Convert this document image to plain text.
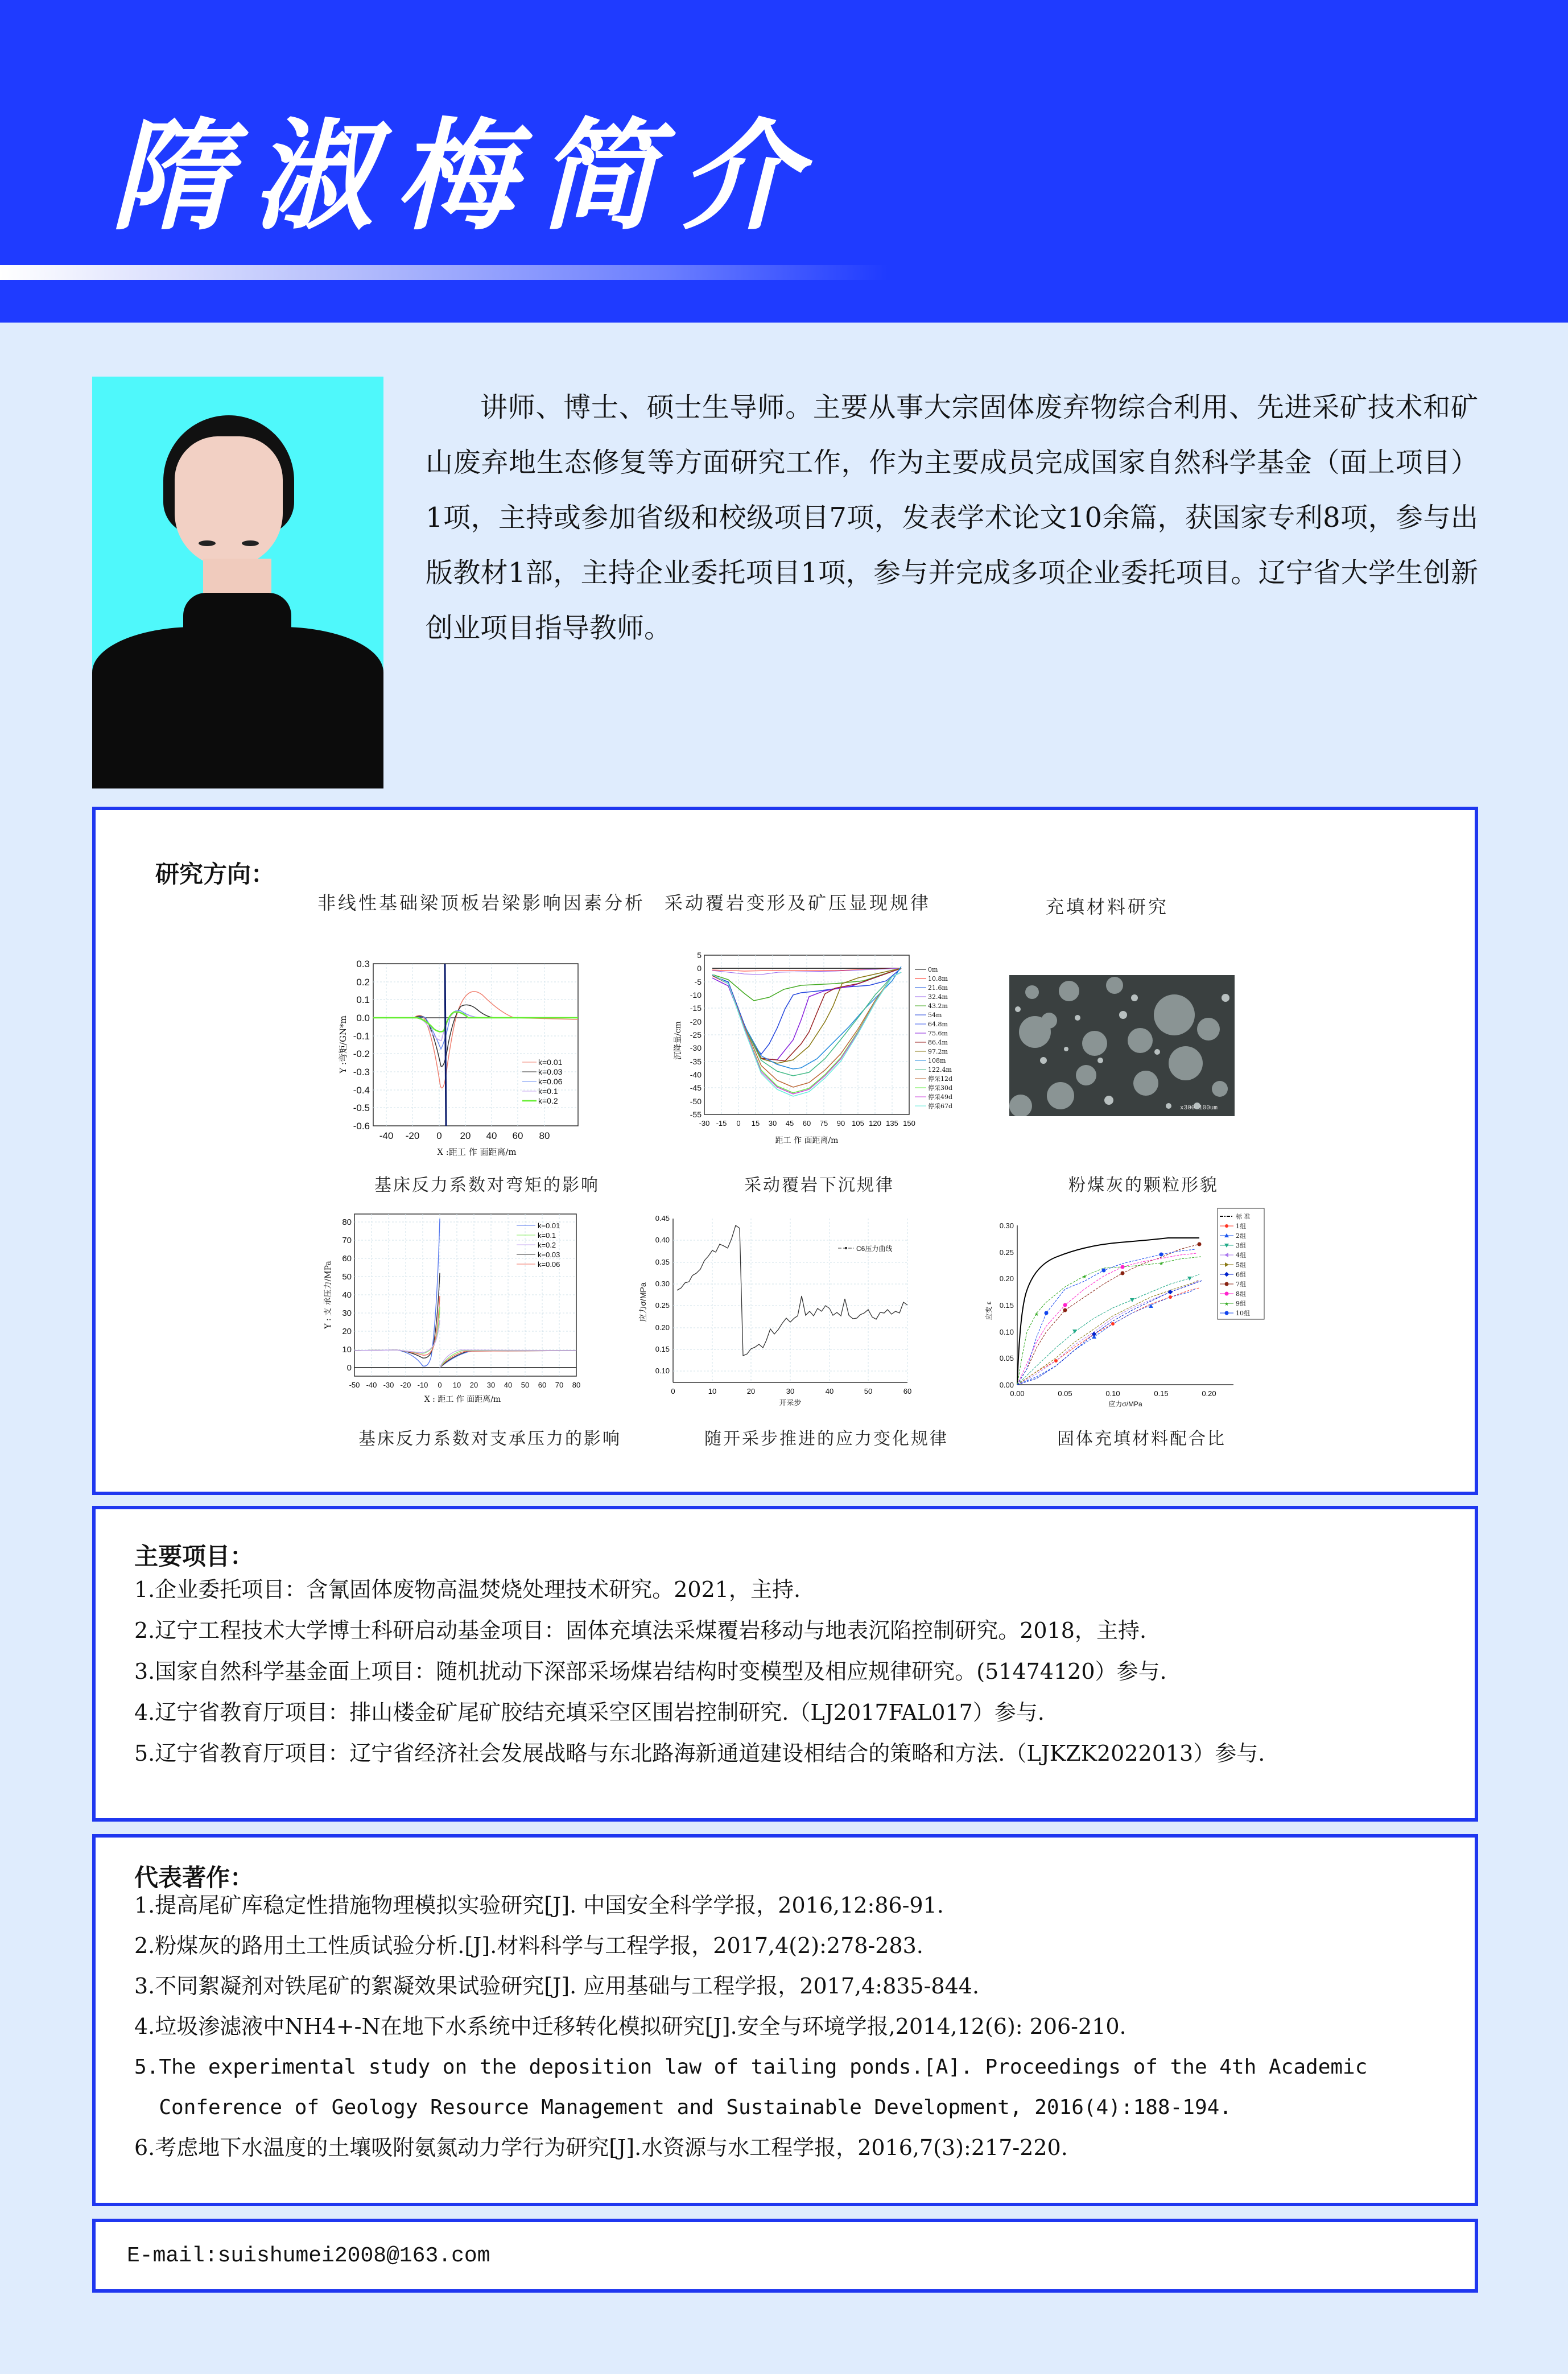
隋淑梅简介
讲师、博士、硕士生导师。主要从事大宗固体废弃物综合利用、先进采矿技术和矿山废弃地生态修复等方面研究工作，作为主要成员完成国家自然科学基金（面上项目）1项，主持或参加省级和校级项目7项，发表学术论文10余篇，获国家专利8项，参与出版教材1部，主持企业委托项目1项，参与并完成多项企业委托项目。辽宁省大学生创新创业项目指导教师。
研究方向：
非线性基础梁顶板岩梁影响因素分析 采动覆岩变形及矿压显现规律	充填材料研究
0.3
0.2
0.1
0.0
-0.1
-0.2
-0.3
-0.4
-0.5
-0.6
-40 -20 0 20 40 60 80
X :距工 作 面距离/m
Y :弯矩/GN*m	k=0.01
k=0.03
k=0.06
k=0.1
k=0.2
基床反力系数对弯矩的影响
5
0
-5
-10
-15
-20
-25
-30
-35
-40
-45
-50
-55
-30 -15 0 15 30 45 60 75 90 105 120 135 150
距工 作 面距离/m
沉降量/cm
0m
10.8m
21.6m
32.4m
43.2m
54m
64.8m
75.6m
86.4m
97.2m
108m
122.4m
停采12d
停采30d
停采49d
停采67d
采动覆岩下沉规律
x300 100um
粉煤灰的颗粒形貌
80
70
60
50
40
30
20
10
0
-50 -40 -30 -20 -10 0 10 20 30 40 50 60 70 80
X : 距工 作 面距离/m
Y : 支 承压力/MPa
k=0.01
k=0.1
k=0.2
k=0.03
k=0.06
基床反力系数对支承压力的影响
0.45
0.40
0.35
0.30
0.25
0.20
0.15
0.10
0	10	20	30	40	50	60
开采步
应力σ/MPa
C6压力曲线
随开采步推进的应力变化规律
★
★
★
0.30
0.25
0.20
0.15
0.10
0.05
0.00
0.00	0.05	0.10	0.15	0.20
应力σ/MPa
应变 ε
标 准
1组
2组
3组
4组
5组
6组
7组
8组
★ 9组
10组
固体充填材料配合比
主要项目：
1.企业委托项目：含氰固体废物高温焚烧处理技术研究。2021，主持.
2.辽宁工程技术大学博士科研启动基金项目：固体充填法采煤覆岩移动与地表沉陷控制研究。2018，主持.
3.国家自然科学基金面上项目：随机扰动下深部采场煤岩结构时变模型及相应规律研究。(51474120）参与.
4.辽宁省教育厅项目：排山楼金矿尾矿胶结充填采空区围岩控制研究.（LJ2017FAL017）参与.
5.辽宁省教育厅项目：辽宁省经济社会发展战略与东北路海新通道建设相结合的策略和方法.（LJKZK2022013）参与.
代表著作：
1.提高尾矿库稳定性措施物理模拟实验研究[J]. 中国安全科学学报，2016,12:86-91.
2.粉煤灰的路用土工性质试验分析.[J].材料科学与工程学报，2017,4(2):278-283.
3.不同絮凝剂对铁尾矿的絮凝效果试验研究[J]. 应用基础与工程学报，2017,4:835-844.
4.垃圾渗滤液中NH4+-N在地下水系统中迁移转化模拟研究[J].安全与环境学报,2014,12(6): 206-210.
5.The experimental study on the deposition law of tailing ponds.[A]. Proceedings of the 4th Academic
Conference of Geology Resource Management and Sustainable Development, 2016(4):188-194.
6.考虑地下水温度的土壤吸附氨氮动力学行为研究[J].水资源与水工程学报，2016,7(3):217-220.
E-mail:suishumei2008@163.com
